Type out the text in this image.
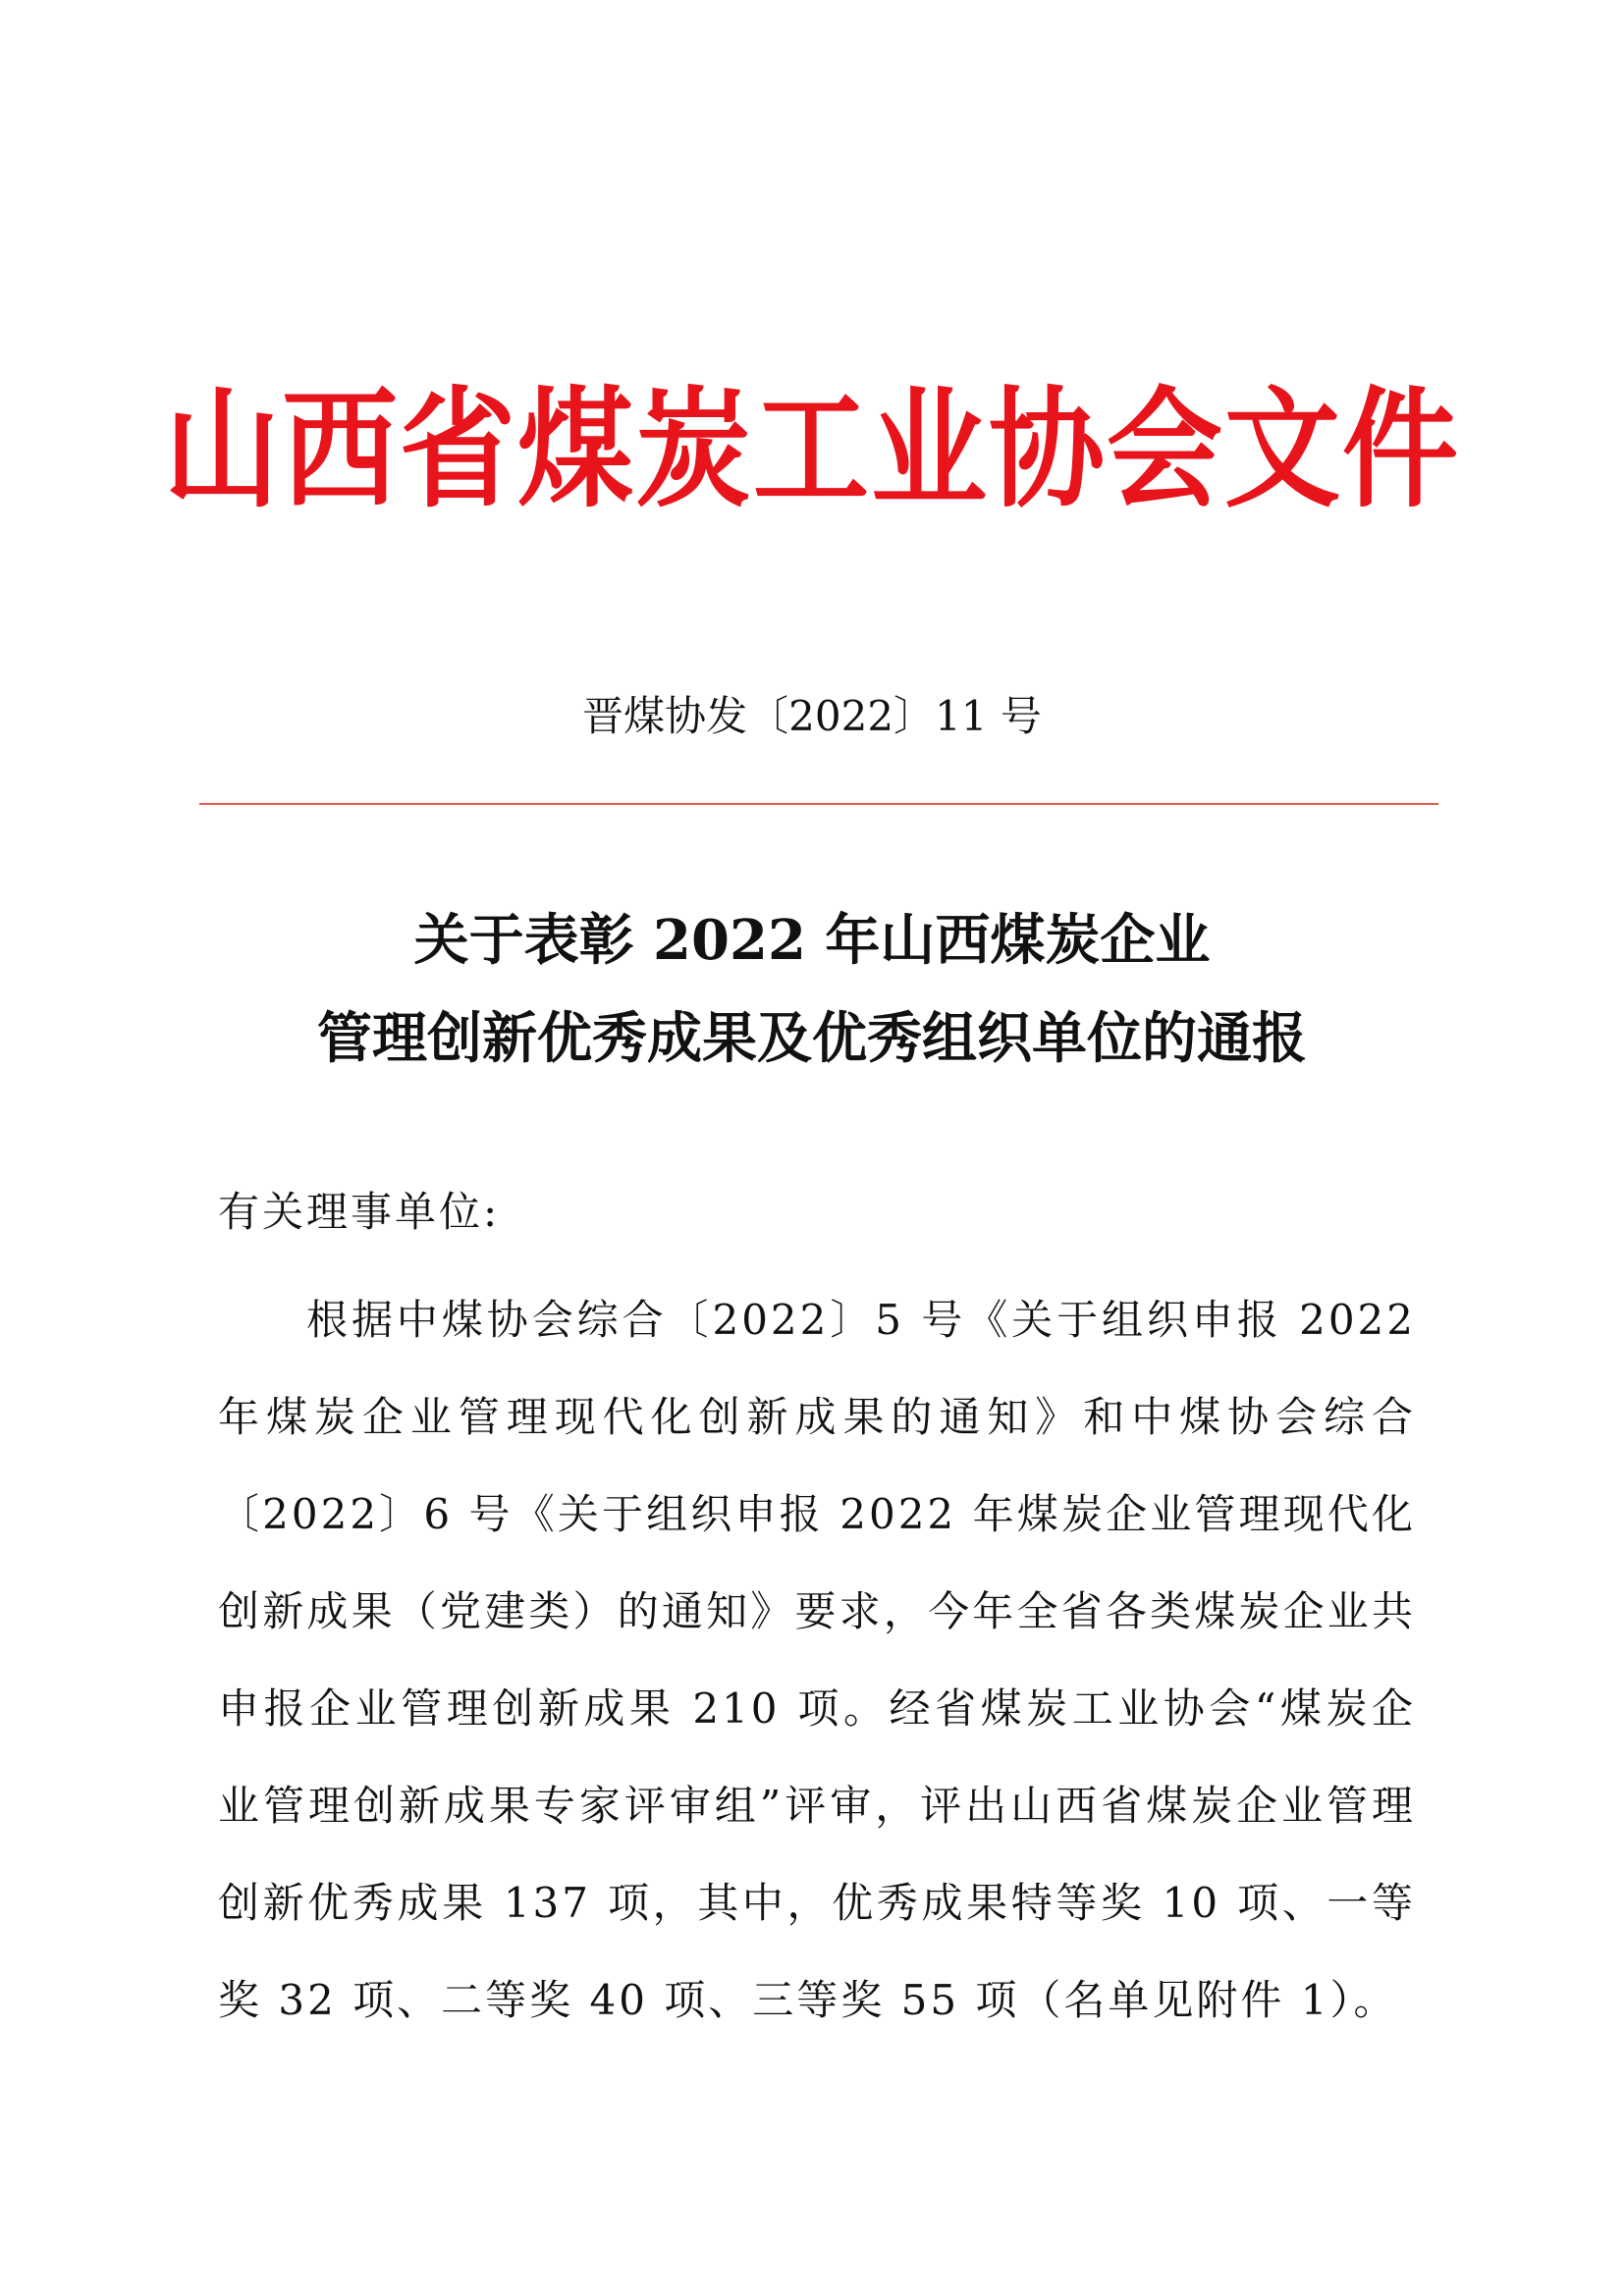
山西省煤炭工业协会文件
晋煤协发〔2022〕11 号
关于表彰 2022 年山西煤炭企业
管理创新优秀成果及优秀组织单位的通报
有关理事单位:

根据中煤协会综合〔2022〕5 号《关于组织申报 2022 年煤炭企业管理现代化创新成果的通知》和中煤协会综合〔2022〕6 号《关于组织申报 2022 年煤炭企业管理现代化创新成果（党建类）的通知》要求，今年全省各类煤炭企业共申报企业管理创新成果 210 项。经省煤炭工业协会“煤炭企业管理创新成果专家评审组”评审，评出山西省煤炭企业管理创新优秀成果 137 项，其中，优秀成果特等奖 10 项、一等奖 32 项、二等奖 40 项、三等奖 55 项（名单见附件 1）。
